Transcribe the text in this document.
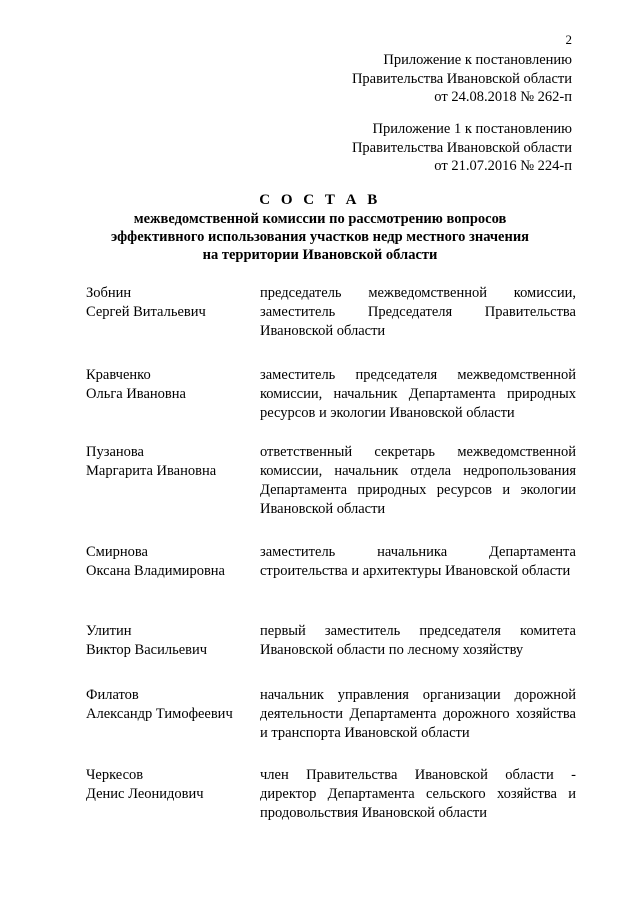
2
Приложение к постановлению
Правительства Ивановской области
от 24.08.2018 № 262-п
Приложение 1 к постановлению
Правительства Ивановской области
от 21.07.2016 № 224-п
С О С Т А В
межведомственной комиссии по рассмотрению вопросов
эффективного использования участков недр местного значения
на территории Ивановской области
Зобнин
Сергей Витальевич
председатель межведомственной комиссии, заместитель Председателя Правительства Ивановской области
Кравченко
Ольга Ивановна
заместитель председателя межведомственной комиссии, начальник Департамента природных ресурсов и экологии Ивановской области
Пузанова
Маргарита Ивановна
ответственный секретарь межведомственной комиссии, начальник отдела недропользования Департамента природных ресурсов и экологии Ивановской области
Смирнова
Оксана Владимировна
заместитель начальника Департамента строительства и архитектуры Ивановской области
Улитин
Виктор Васильевич
первый заместитель председателя комитета Ивановской области по лесному хозяйству
Филатов
Александр Тимофеевич
начальник управления организации дорожной деятельности Департамента дорожного хозяйства и транспорта Ивановской области
Черкесов
Денис Леонидович
член Правительства Ивановской области - директор Департамента сельского хозяйства и продовольствия Ивановской области
